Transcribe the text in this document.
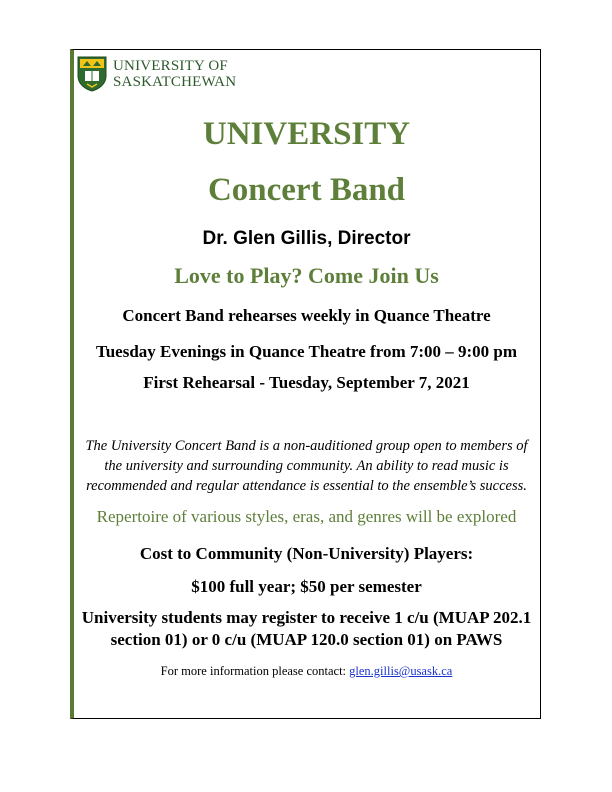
UNIVERSITY OF
SASKATCHEWAN
UNIVERSITY
Concert Band

Dr. Glen Gillis, Director

Love to Play? Come Join Us

Concert Band rehearses weekly in Quance Theatre

Tuesday Evenings in Quance Theatre from 7:00 – 9:00 pm

First Rehearsal - Tuesday, September 7, 2021

The University Concert Band is a non-auditioned group open to members of the university and surrounding community. An ability to read music is recommended and regular attendance is essential to the ensemble’s success.

Repertoire of various styles, eras, and genres will be explored

Cost to Community (Non-University) Players:

$100 full year; $50 per semester

University students may register to receive 1 c/u (MUAP 202.1 section 01) or 0 c/u (MUAP 120.0 section 01) on PAWS

For more information please contact: glen.gillis@usask.ca
